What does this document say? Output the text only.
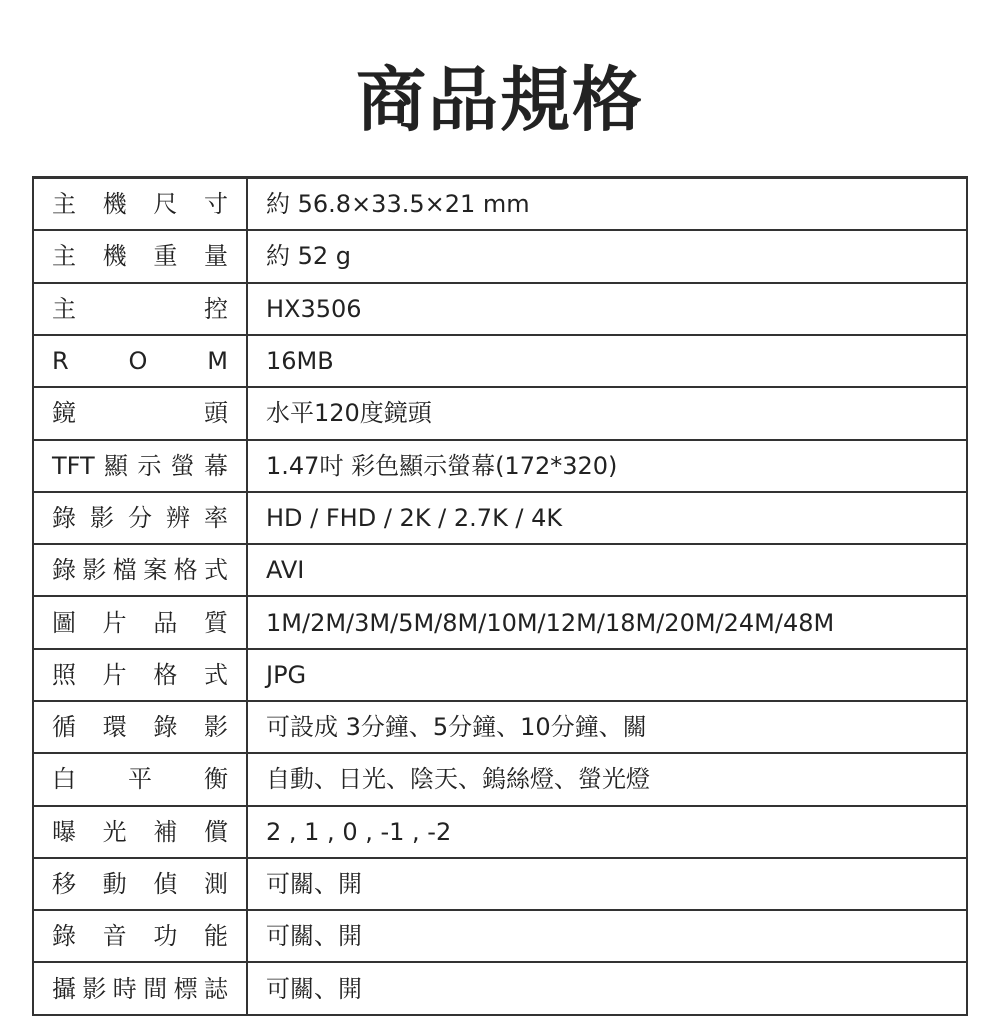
商品規格
主 機 尺 寸	約 56.8×33.5×21 mm
主 機 重 量	約 52 g
主 控	HX3506
R O M	16MB
鏡 頭	水平120度鏡頭
TFT顯示螢幕	1.47吋 彩色顯示螢幕(172*320)
錄 影 分 辨 率	HD / FHD / 2K / 2.7K / 4K
錄影檔案格式	AVI
圖 片 品 質	1M/2M/3M/5M/8M/10M/12M/18M/20M/24M/48M
照 片 格 式	JPG
循 環 錄 影	可設成 3分鐘、5分鐘、10分鐘、關
白 平 衡	自動、日光、陰天、鎢絲燈、螢光燈
曝 光 補 償	2 , 1 , 0 , -1 , -2
移 動 偵 測	可關、開
錄 音 功 能	可關、開
攝影時間標誌	可關、開
